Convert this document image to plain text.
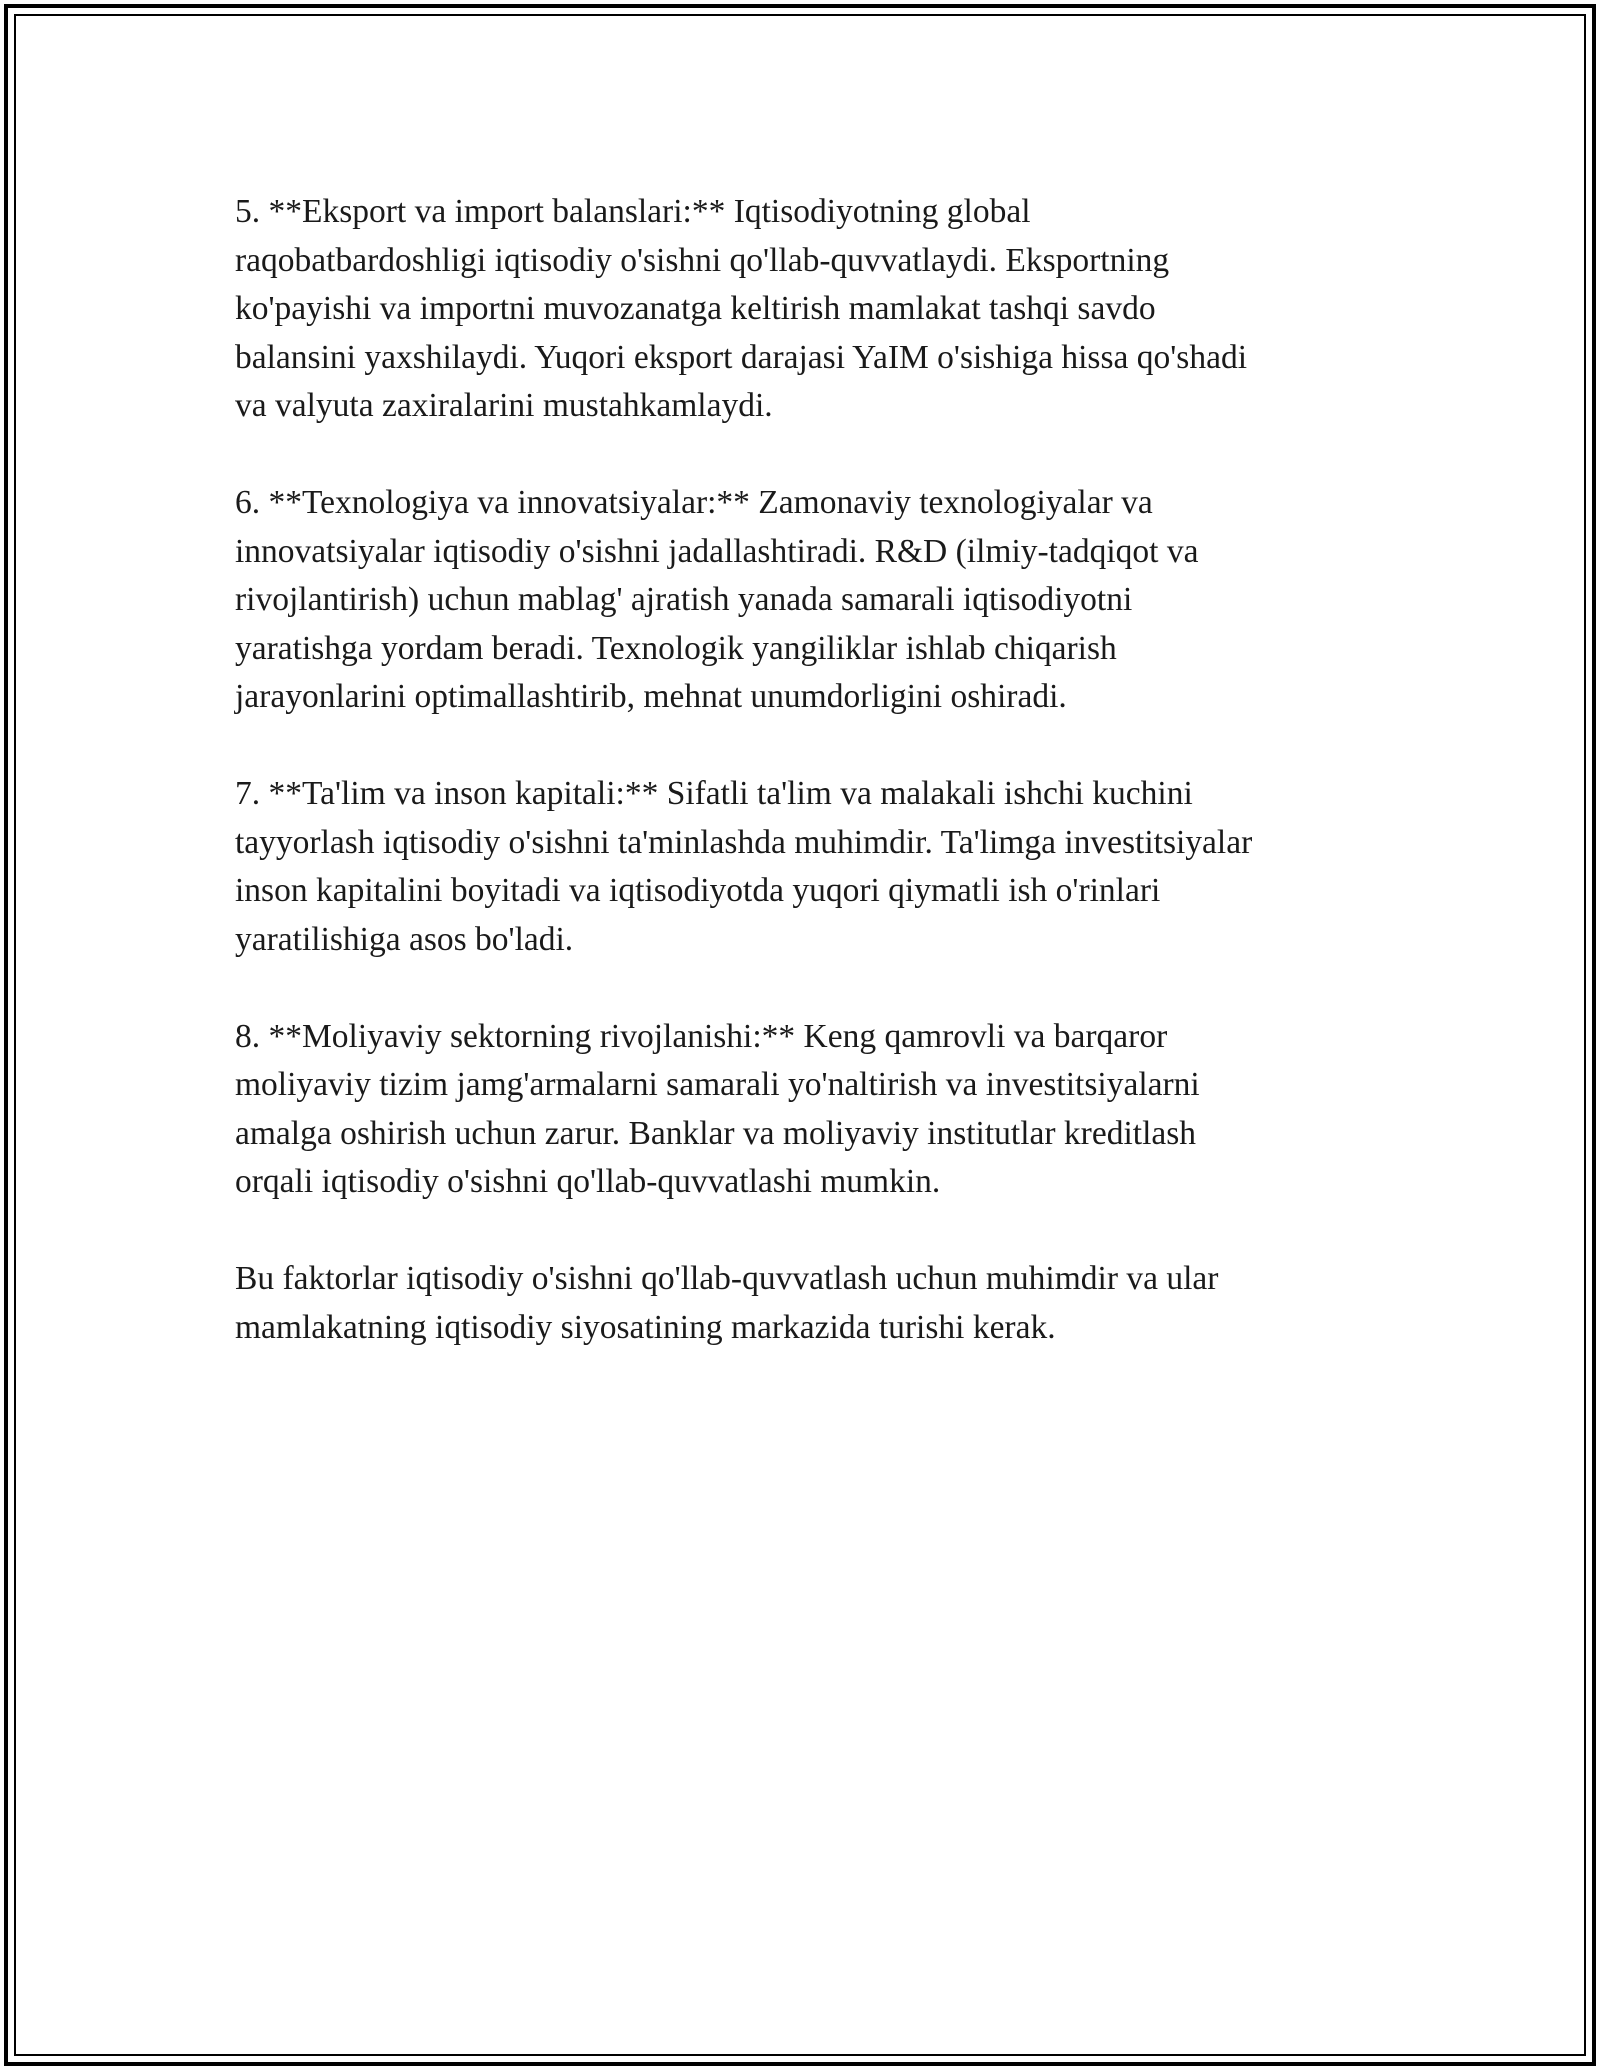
5. **Eksport va import balanslari:** Iqtisodiyotning global
raqobatbardoshligi iqtisodiy o'sishni qo'llab-quvvatlaydi. Eksportning
ko'payishi va importni muvozanatga keltirish mamlakat tashqi savdo
balansini yaxshilaydi. Yuqori eksport darajasi YaIM o'sishiga hissa qo'shadi
va valyuta zaxiralarini mustahkamlaydi.

6. **Texnologiya va innovatsiyalar:** Zamonaviy texnologiyalar va
innovatsiyalar iqtisodiy o'sishni jadallashtiradi. R&D (ilmiy-tadqiqot va
rivojlantirish) uchun mablag' ajratish yanada samarali iqtisodiyotni
yaratishga yordam beradi. Texnologik yangiliklar ishlab chiqarish
jarayonlarini optimallashtirib, mehnat unumdorligini oshiradi.

7. **Ta'lim va inson kapitali:** Sifatli ta'lim va malakali ishchi kuchini
tayyorlash iqtisodiy o'sishni ta'minlashda muhimdir. Ta'limga investitsiyalar
inson kapitalini boyitadi va iqtisodiyotda yuqori qiymatli ish o'rinlari
yaratilishiga asos bo'ladi.

8. **Moliyaviy sektorning rivojlanishi:** Keng qamrovli va barqaror
moliyaviy tizim jamg'armalarni samarali yo'naltirish va investitsiyalarni
amalga oshirish uchun zarur. Banklar va moliyaviy institutlar kreditlash
orqali iqtisodiy o'sishni qo'llab-quvvatlashi mumkin.

Bu faktorlar iqtisodiy o'sishni qo'llab-quvvatlash uchun muhimdir va ular
mamlakatning iqtisodiy siyosatining markazida turishi kerak.
